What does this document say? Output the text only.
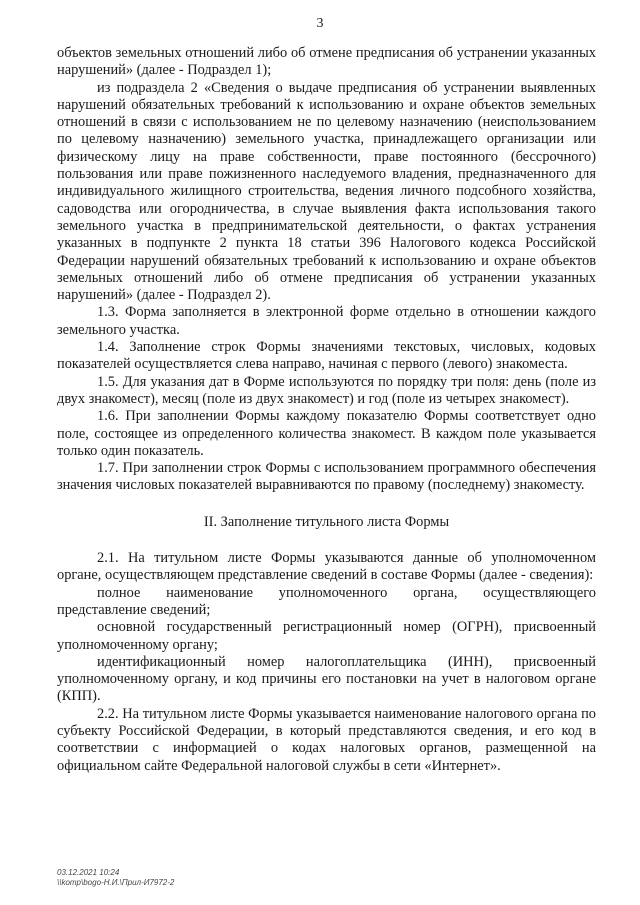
3

объектов земельных отношений либо об отмене предписания об устранении указанных нарушений» (далее - Подраздел 1);

из подраздела 2 «Сведения о выдаче предписания об устранении выявленных нарушений обязательных требований к использованию и охране объектов земельных отношений в связи с использованием не по целевому назначению (неиспользованием по целевому назначению) земельного участка, принадлежащего организации или физическому лицу на праве собственности, праве постоянного (бессрочного) пользования или праве пожизненного наследуемого владения, предназначенного для индивидуального жилищного строительства, ведения личного подсобного хозяйства, садоводства или огородничества, в случае выявления факта использования такого земельного участка в предпринимательской деятельности, о фактах устранения указанных в подпункте 2 пункта 18 статьи 396 Налогового кодекса Российской Федерации нарушений обязательных требований к использованию и охране объектов земельных отношений либо об отмене предписания об устранении указанных нарушений» (далее - Подраздел 2).

1.3. Форма заполняется в электронной форме отдельно в отношении каждого земельного участка.

1.4. Заполнение строк Формы значениями текстовых, числовых, кодовых показателей осуществляется слева направо, начиная с первого (левого) знакоместа.

1.5. Для указания дат в Форме используются по порядку три поля: день (поле из двух знакомест), месяц (поле из двух знакомест) и год (поле из четырех знакомест).

1.6. При заполнении Формы каждому показателю Формы соответствует одно поле, состоящее из определенного количества знакомест. В каждом поле указывается только один показатель.

1.7. При заполнении строк Формы с использованием программного обеспечения значения числовых показателей выравниваются по правому (последнему) знакоместу.

II. Заполнение титульного листа Формы

2.1. На титульном листе Формы указываются данные об уполномоченном органе, осуществляющем представление сведений в составе Формы (далее - сведения):

полное наименование уполномоченного органа, осуществляющего представление сведений;

основной государственный регистрационный номер (ОГРН), присвоенный уполномоченному органу;

идентификационный номер налогоплательщика (ИНН), присвоенный уполномоченному органу, и код причины его постановки на учет в налоговом органе (КПП).

2.2. На титульном листе Формы указывается наименование налогового органа по субъекту Российской Федерации, в который представляются сведения, и его код в соответствии с информацией о кодах налоговых органов, размещенной на официальном сайте Федеральной налоговой службы в сети «Интернет».

03.12.2021 10:24
\\komp\bogo-Н.И.\Прил-И7972-2
